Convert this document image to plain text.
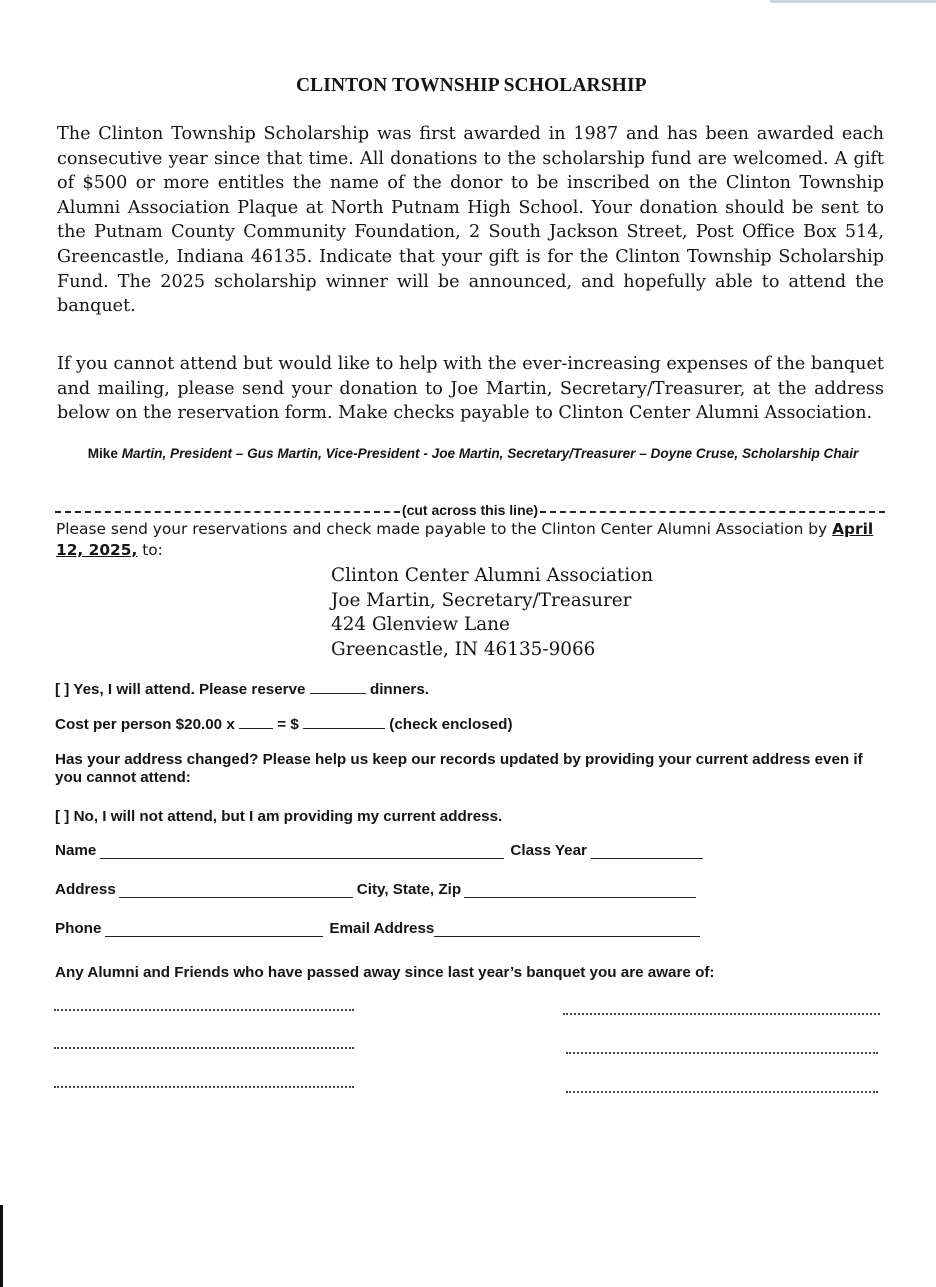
CLINTON TOWNSHIP SCHOLARSHIP

The Clinton Township Scholarship was first awarded in 1987 and has been awarded each consecutive year since that time. All donations to the scholarship fund are welcomed. A gift of $500 or more entitles the name of the donor to be inscribed on the Clinton Township Alumni Association Plaque at North Putnam High School. Your donation should be sent to the Putnam County Community Foundation, 2 South Jackson Street, Post Office Box 514, Greencastle, Indiana 46135. Indicate that your gift is for the Clinton Township Scholarship Fund. The 2025 scholarship winner will be announced, and hopefully able to attend the banquet.

If you cannot attend but would like to help with the ever-increasing expenses of the banquet and mailing, please send your donation to Joe Martin, Secretary/Treasurer, at the address below on the reservation form. Make checks payable to Clinton Center Alumni Association.

Mike Martin, President – Gus Martin, Vice-President - Joe Martin, Secretary/Treasurer – Doyne Cruse, Scholarship Chair
(cut across this line)
Please send your reservations and check made payable to the Clinton Center Alumni Association by April 12, 2025, to:
Clinton Center Alumni Association
Joe Martin, Secretary/Treasurer
424 Glenview Lane
Greencastle, IN 46135-9066
[ ] Yes, I will attend. Please reserve	dinners.
Cost per person $20.00 x	= $	(check enclosed)
Has your address changed? Please help us keep our records updated by providing your current address even if you cannot attend:
[ ] No, I will not attend, but I am providing my current address.
Name	Class Year
Address	City, State, Zip
Phone	Email Address
Any Alumni and Friends who have passed away since last year’s banquet you are aware of:
